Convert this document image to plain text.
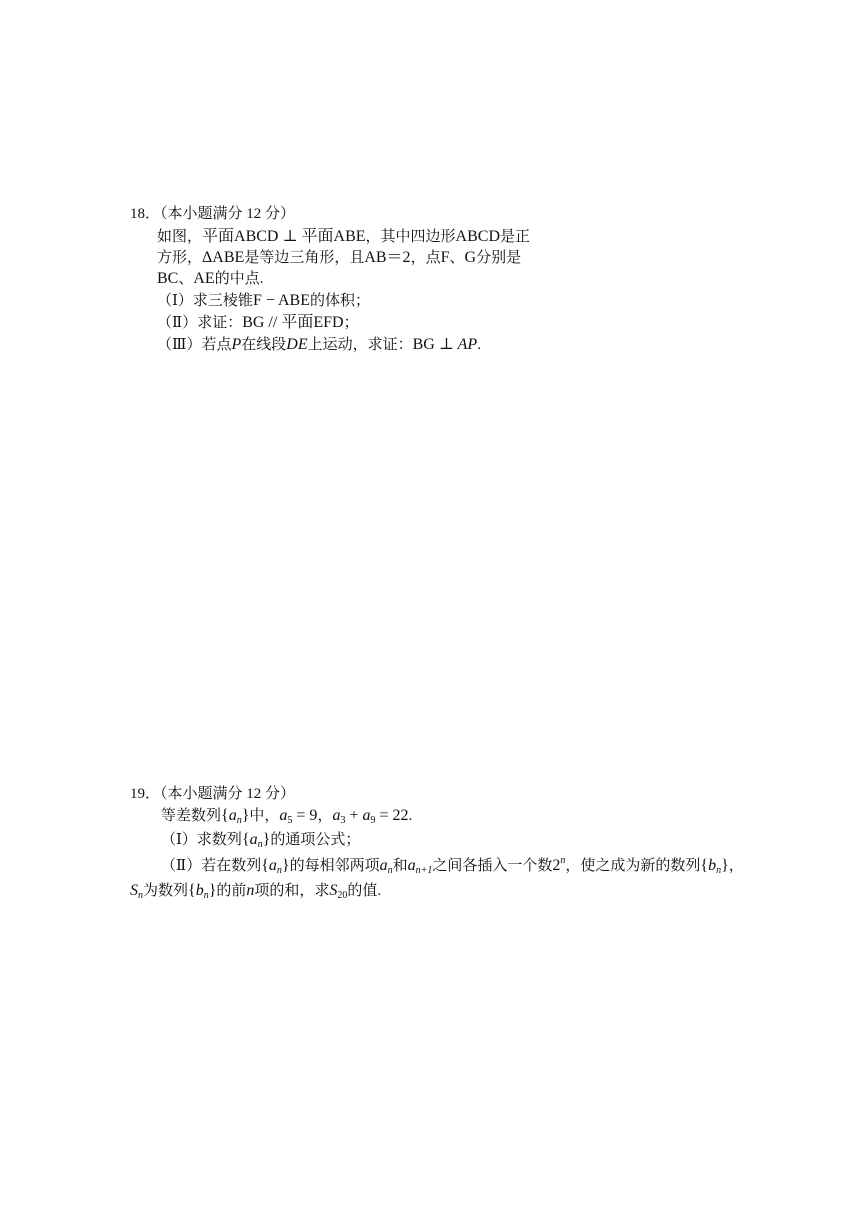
18．（本小题满分 12 分）
如图，平面ABCD ⊥ 平面ABE，其中四边形ABCD是正
方形，ΔABE是等边三角形，且AB＝2，点F、G分别是
BC、AE的中点.
（Ⅰ）求三棱锥F − ABE的体积；
（Ⅱ）求证：BG // 平面EFD；
（Ⅲ）若点P在线段DE上运动，求证：BG ⊥ AP.
19．（本小题满分 12 分）
等差数列$\{a_n\}$中，$a_5 = 9$，$a_3 + a_9 = 22$.
（Ⅰ）求数列$\{a_n\}$的通项公式；
（Ⅱ）若在数列$\{a_n\}$的每相邻两项$a_n$和$a_{n+1}$之间各插入一个数2$^n$，使之成为新的数列$\{b_n\}$，
$S_n$为数列$\{b_n\}$的前n项的和，求$S_{20}$的值.
